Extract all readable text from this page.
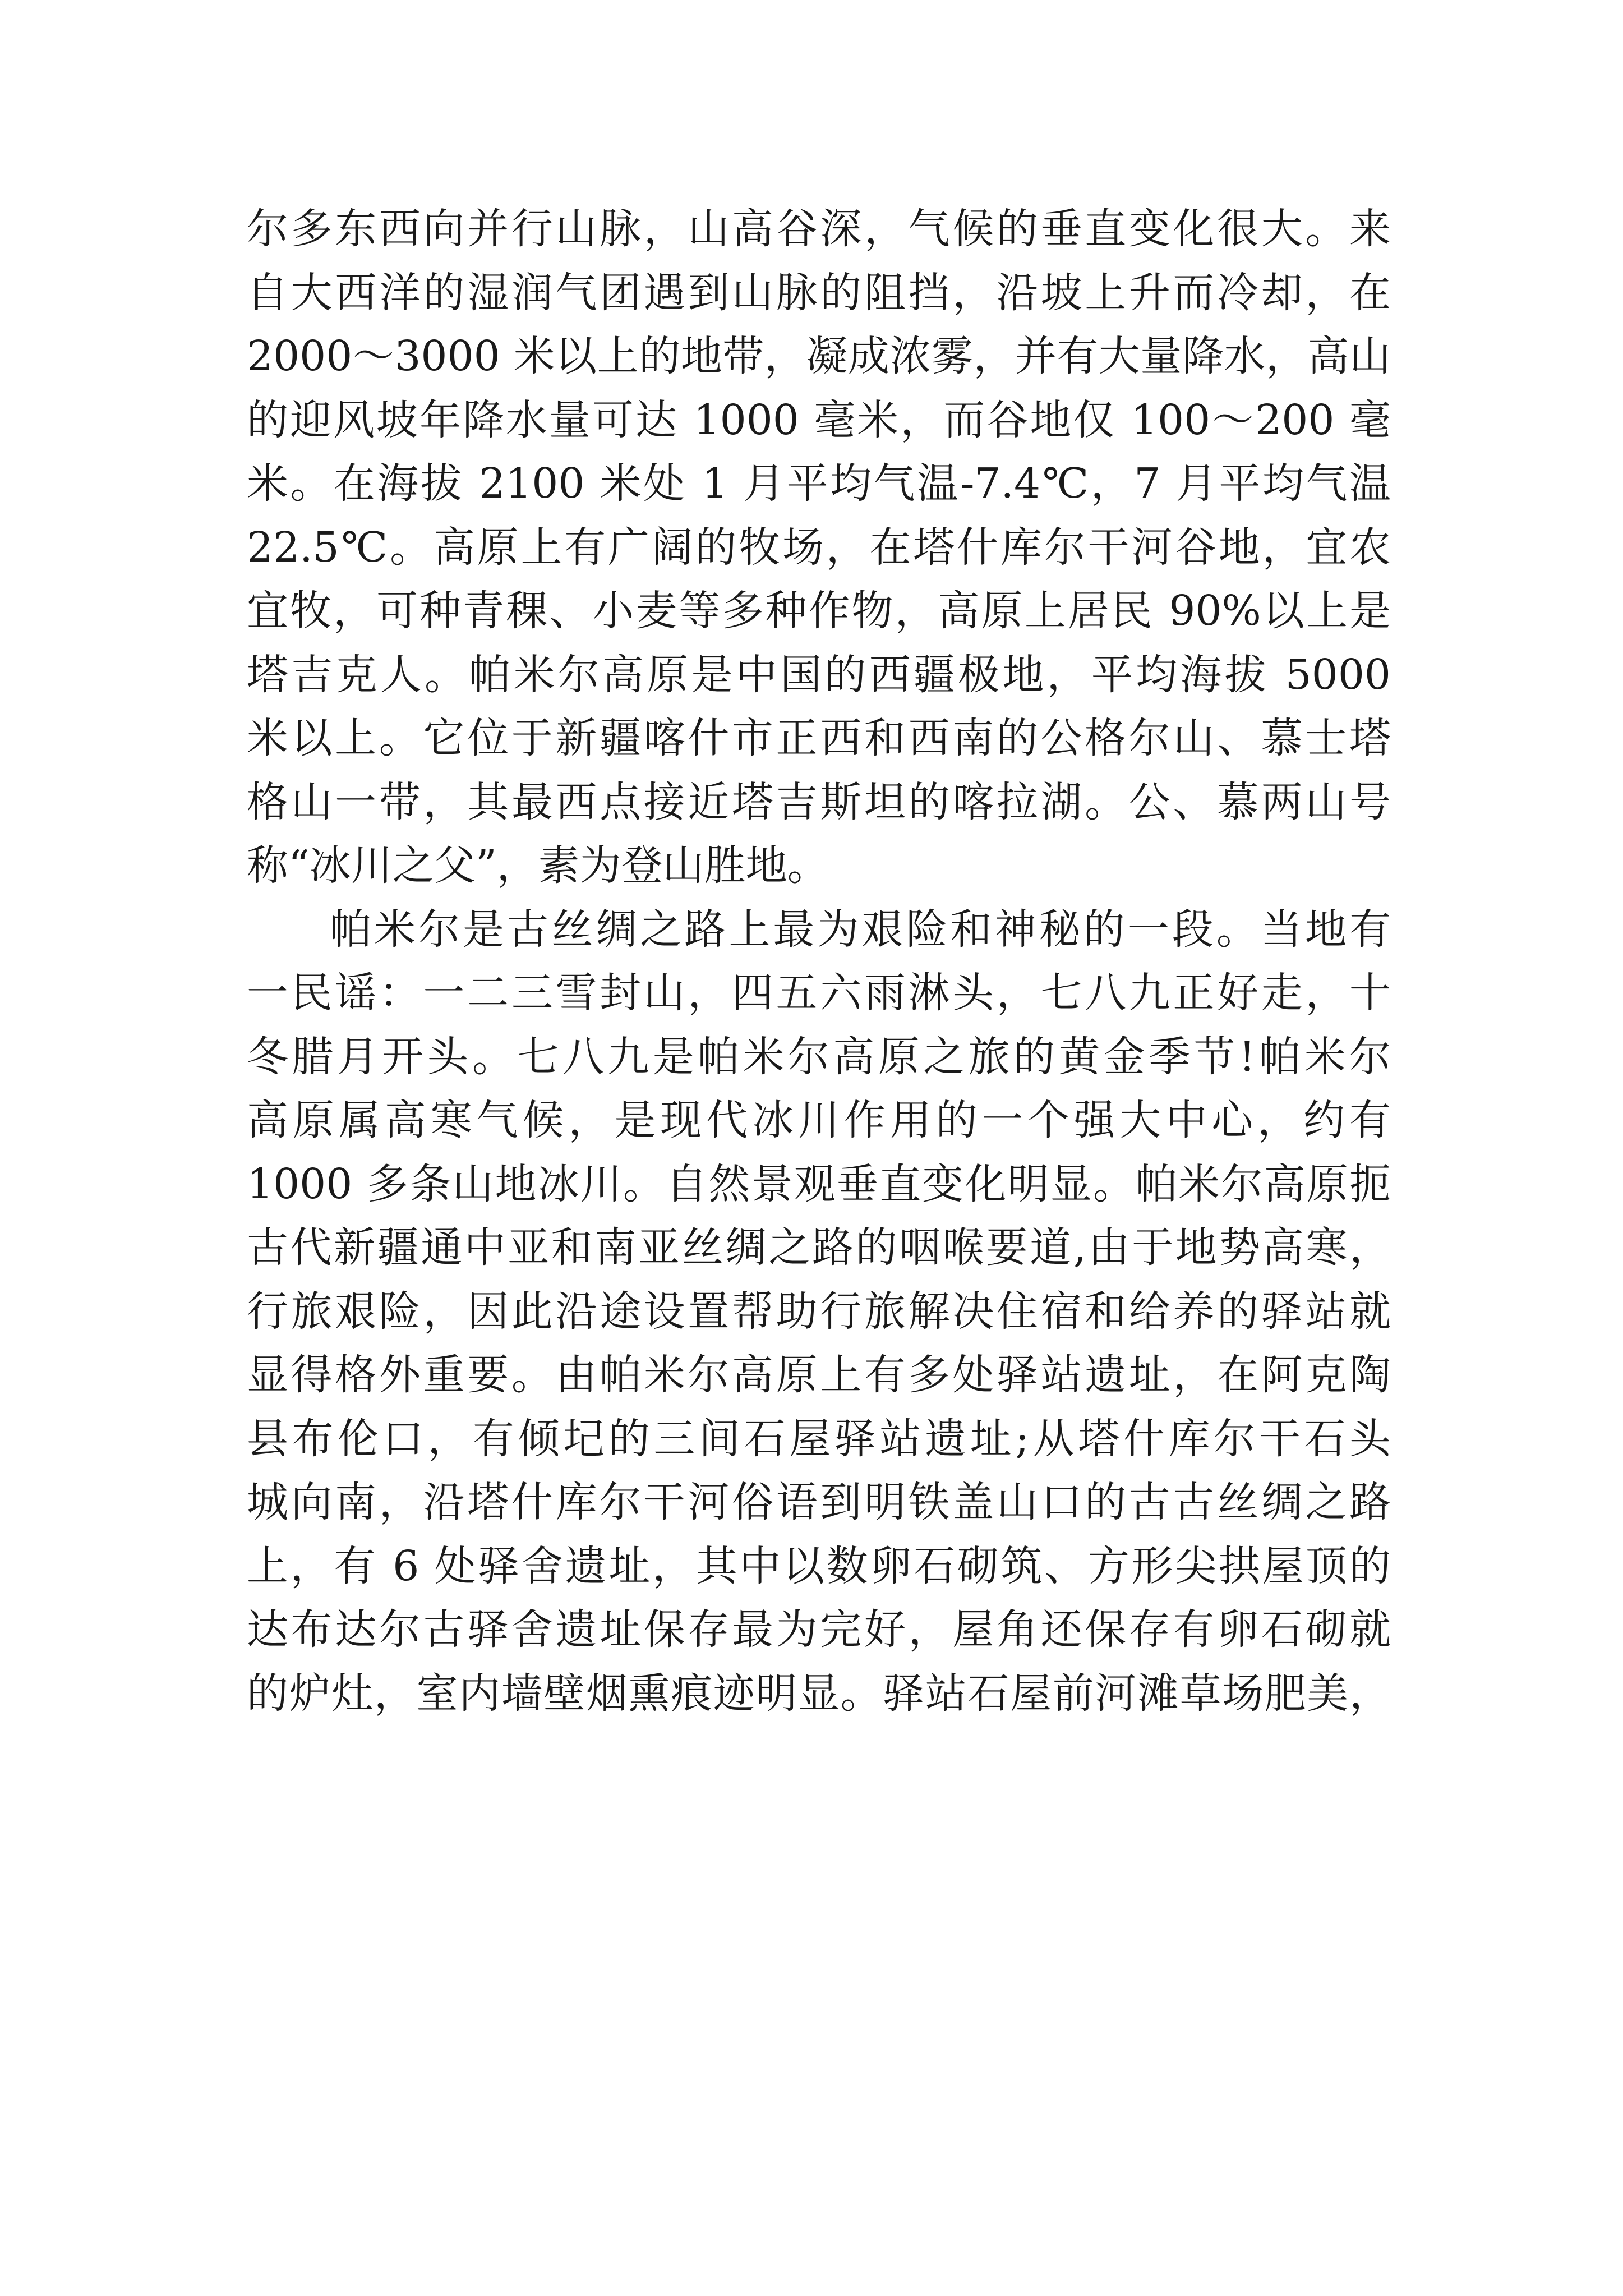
尔多东西向并行山脉，山高谷深，气候的垂直变化很大。来
自大西洋的湿润气团遇到山脉的阻挡，沿坡上升而冷却，在
2000～3000 米以上的地带，凝成浓雾，并有大量降水，高山
的迎风坡年降水量可达 1000 毫米，而谷地仅 100～200 毫
米。在海拔 2100 米处 1 月平均气温-7.4℃，7 月平均气温
22.5℃。高原上有广阔的牧场，在塔什库尔干河谷地，宜农
宜牧，可种青稞、小麦等多种作物，高原上居民 90%以上是
塔吉克人。帕米尔高原是中国的西疆极地，平均海拔 5000
米以上。它位于新疆喀什市正西和西南的公格尔山、慕士塔
格山一带，其最西点接近塔吉斯坦的喀拉湖。公、慕两山号
称“冰川之父”，素为登山胜地。
帕米尔是古丝绸之路上最为艰险和神秘的一段。当地有
一民谣：一二三雪封山，四五六雨淋头，七八九正好走，十
冬腊月开头。七八九是帕米尔高原之旅的黄金季节!帕米尔
高原属高寒气候，是现代冰川作用的一个强大中心，约有
1000 多条山地冰川。自然景观垂直变化明显。帕米尔高原扼
古代新疆通中亚和南亚丝绸之路的咽喉要道,由于地势高寒，
行旅艰险，因此沿途设置帮助行旅解决住宿和给养的驿站就
显得格外重要。由帕米尔高原上有多处驿站遗址，在阿克陶
县布伦口，有倾圮的三间石屋驿站遗址;从塔什库尔干石头
城向南，沿塔什库尔干河俗语到明铁盖山口的古古丝绸之路
上，有 6 处驿舍遗址，其中以数卵石砌筑、方形尖拱屋顶的
达布达尔古驿舍遗址保存最为完好，屋角还保存有卵石砌就
的炉灶，室内墙壁烟熏痕迹明显。驿站石屋前河滩草场肥美，
